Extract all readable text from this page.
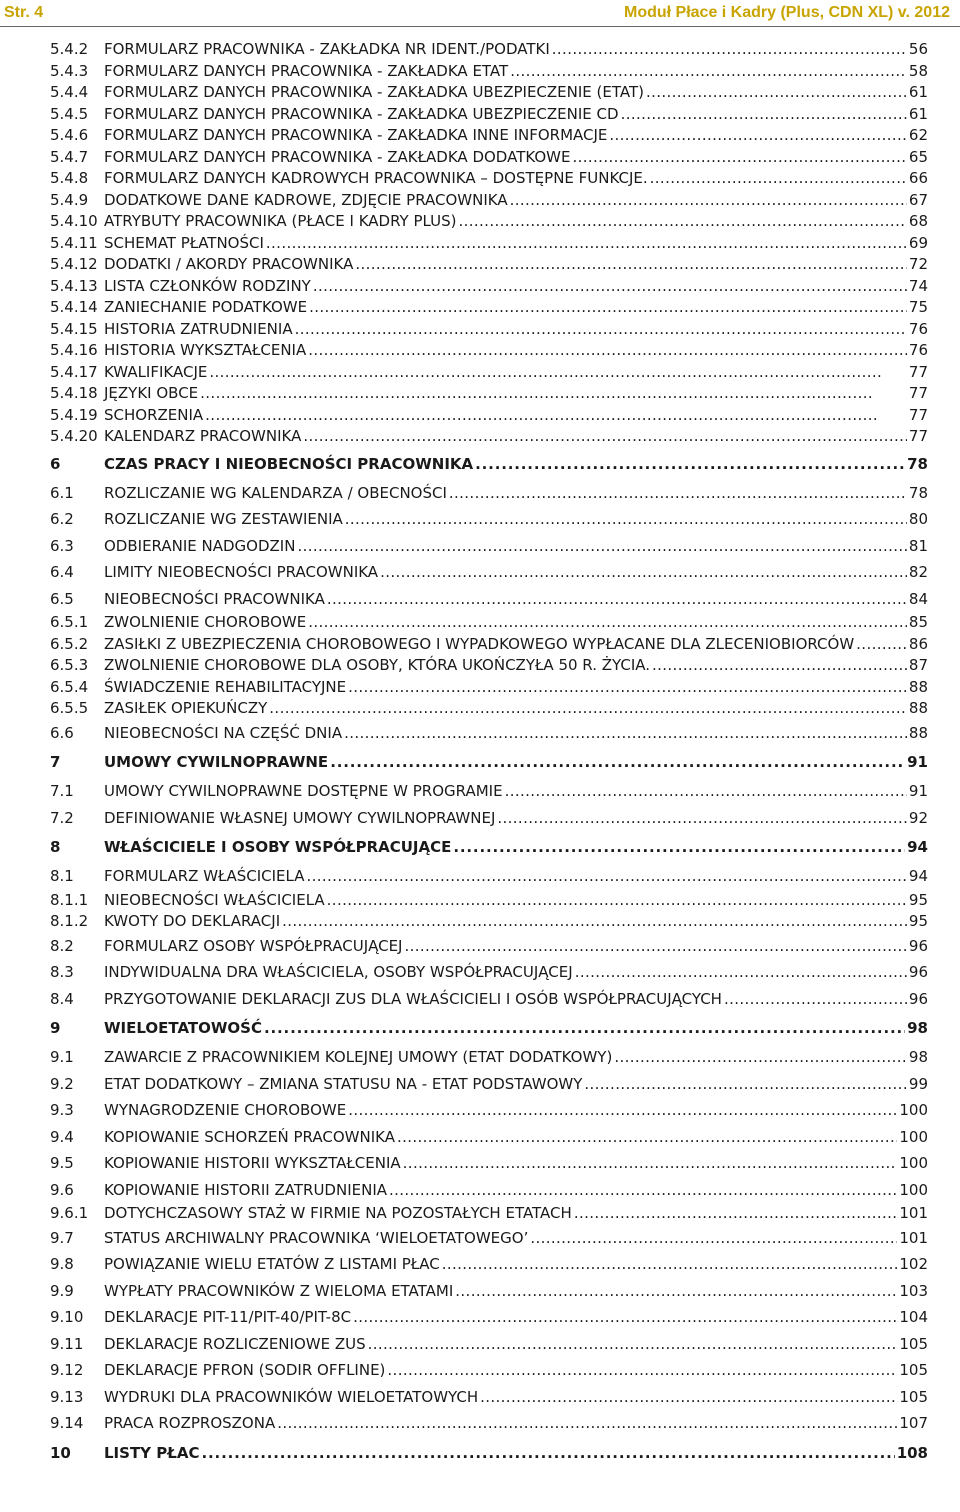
Str. 4	Moduł Płace i Kadry (Plus, CDN XL) v. 2012
5.4.2 FORMULARZ PRACOWNIKA - ZAKŁADKA NR IDENT./PODATKI . . .	56
5.4.3 FORMULARZ DANYCH PRACOWNIKA - ZAKŁADKA ETAT . . .	58
5.4.4 FORMULARZ DANYCH PRACOWNIKA - ZAKŁADKA UBEZPIECZENIE (ETAT) . . .	61
5.4.5 FORMULARZ DANYCH PRACOWNIKA - ZAKŁADKA UBEZPIECZENIE CD . . .	61
5.4.6 FORMULARZ DANYCH PRACOWNIKA - ZAKŁADKA INNE INFORMACJE . . .	62
5.4.7 FORMULARZ DANYCH PRACOWNIKA - ZAKŁADKA DODATKOWE . . .	65
5.4.8 FORMULARZ DANYCH KADROWYCH PRACOWNIKA – DOSTĘPNE FUNKCJE. . . .	66
5.4.9 DODATKOWE DANE KADROWE, ZDJĘCIE PRACOWNIKA . . .	67
5.4.10 ATRYBUTY PRACOWNIKA (PŁACE I KADRY PLUS) . . .	68
5.4.11 SCHEMAT PŁATNOŚCI . . .	69
5.4.12 DODATKI / AKORDY PRACOWNIKA . . .	72
5.4.13 LISTA CZŁONKÓW RODZINY . . .	74
5.4.14 ZANIECHANIE PODATKOWE . . .	75
5.4.15 HISTORIA ZATRUDNIENIA . . .	76
5.4.16 HISTORIA WYKSZTAŁCENIA . . .	76
5.4.17 KWALIFIKACJE . . .	77
5.4.18 JĘZYKI OBCE . . .	77
5.4.19 SCHORZENIA . . .	77
5.4.20 KALENDARZ PRACOWNIKA . . .	77
6	CZAS PRACY I NIEOBECNOŚCI PRACOWNIKA . . .	78
6.1 ROZLICZANIE WG KALENDARZA / OBECNOŚCI . . .	78
6.2 ROZLICZANIE WG ZESTAWIENIA . . .	80
6.3 ODBIERANIE NADGODZIN . . .	81
6.4 LIMITY NIEOBECNOŚCI PRACOWNIKA . . .	82
6.5 NIEOBECNOŚCI PRACOWNIKA . . .	84
6.5.1 ZWOLNIENIE CHOROBOWE . . .	85
6.5.2 ZASIŁKI Z UBEZPIECZENIA CHOROBOWEGO I WYPADKOWEGO WYPŁACANE DLA ZLECENIOBIORCÓW . . .	86
6.5.3 ZWOLNIENIE CHOROBOWE DLA OSOBY, KTÓRA UKOŃCZYŁA 50 R. ŻYCIA. . . .	87
6.5.4 ŚWIADCZENIE REHABILITACYJNE . . .	88
6.5.5 ZASIŁEK OPIEKUŃCZY . . .	88
6.6 NIEOBECNOŚCI NA CZĘŚĆ DNIA . . .	88
7	UMOWY CYWILNOPRAWNE . . .	91
7.1 UMOWY CYWILNOPRAWNE DOSTĘPNE W PROGRAMIE . . .	91
7.2 DEFINIOWANIE WŁASNEJ UMOWY CYWILNOPRAWNEJ . . .	92
8	WŁAŚCICIELE I OSOBY WSPÓŁPRACUJĄCE . . .	94
8.1 FORMULARZ WŁAŚCICIELA . . .	94
8.1.1 NIEOBECNOŚCI WŁAŚCICIELA . . .	95
8.1.2 KWOTY DO DEKLARACJI . . .	95
8.2 FORMULARZ OSOBY WSPÓŁPRACUJĄCEJ . . .	96
8.3 INDYWIDUALNA DRA WŁAŚCICIELA, OSOBY WSPÓŁPRACUJĄCEJ . . .	96
8.4 PRZYGOTOWANIE DEKLARACJI ZUS DLA WŁAŚCICIELI I OSÓB WSPÓŁPRACUJĄCYCH . . .	96
9	WIELOETATOWOŚĆ . . .	98
9.1 ZAWARCIE Z PRACOWNIKIEM KOLEJNEJ UMOWY (ETAT DODATKOWY) . . .	98
9.2 ETAT DODATKOWY – ZMIANA STATUSU NA - ETAT PODSTAWOWY . . .	99
9.3 WYNAGRODZENIE CHOROBOWE . . .	100
9.4 KOPIOWANIE SCHORZEŃ PRACOWNIKA . . .	100
9.5 KOPIOWANIE HISTORII WYKSZTAŁCENIA . . .	100
9.6 KOPIOWANIE HISTORII ZATRUDNIENIA . . .	100
9.6.1 DOTYCHCZASOWY STAŻ W FIRMIE NA POZOSTAŁYCH ETATACH . . .	101
9.7 STATUS ARCHIWALNY PRACOWNIKA ‘WIELOETATOWEGO’ . . .	101
9.8 POWIĄZANIE WIELU ETATÓW Z LISTAMI PŁAC . . .	102
9.9 WYPŁATY PRACOWNIKÓW Z WIELOMA ETATAMI . . .	103
9.10 DEKLARACJE PIT-11/PIT-40/PIT-8C . . .	104
9.11 DEKLARACJE ROZLICZENIOWE ZUS . . .	105
9.12 DEKLARACJE PFRON (SODIR OFFLINE) . . .	105
9.13 WYDRUKI DLA PRACOWNIKÓW WIELOETATOWYCH . . .	105
9.14 PRACA ROZPROSZONA . . .	107
10 LISTY PŁAC . . .	108
